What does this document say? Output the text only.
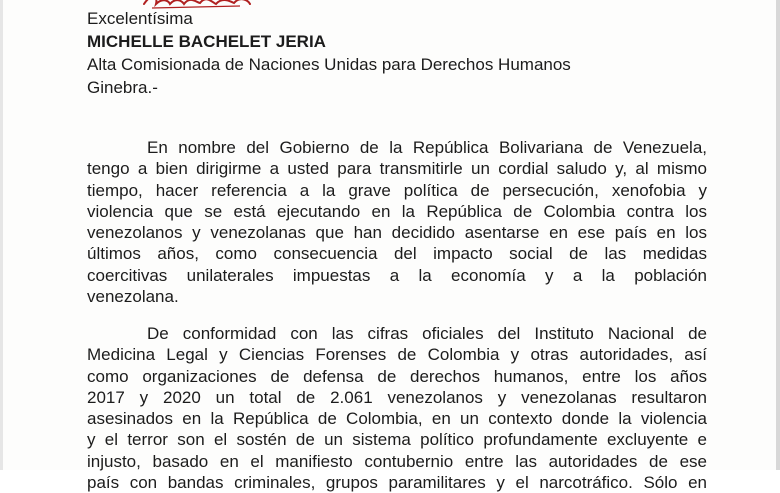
Excelentísima
MICHELLE BACHELET JERIA
Alta Comisionada de Naciones Unidas para Derechos Humanos
Ginebra.-
En nombre del Gobierno de la República Bolivariana de Venezuela,
tengo a bien dirigirme a usted para transmitirle un cordial saludo y, al mismo
tiempo, hacer referencia a la grave política de persecución, xenofobia y
violencia que se está ejecutando en la República de Colombia contra los
venezolanos y venezolanas que han decidido asentarse en ese país en los
últimos años, como consecuencia del impacto social de las medidas
coercitivas unilaterales impuestas a la economía y a la población
venezolana.
De conformidad con las cifras oficiales del Instituto Nacional de
Medicina Legal y Ciencias Forenses de Colombia y otras autoridades, así
como organizaciones de defensa de derechos humanos, entre los años
2017 y 2020 un total de 2.061 venezolanos y venezolanas resultaron
asesinados en la República de Colombia, en un contexto donde la violencia
y el terror son el sostén de un sistema político profundamente excluyente e
injusto, basado en el manifiesto contubernio entre las autoridades de ese
país con bandas criminales, grupos paramilitares y el narcotráfico. Sólo en
